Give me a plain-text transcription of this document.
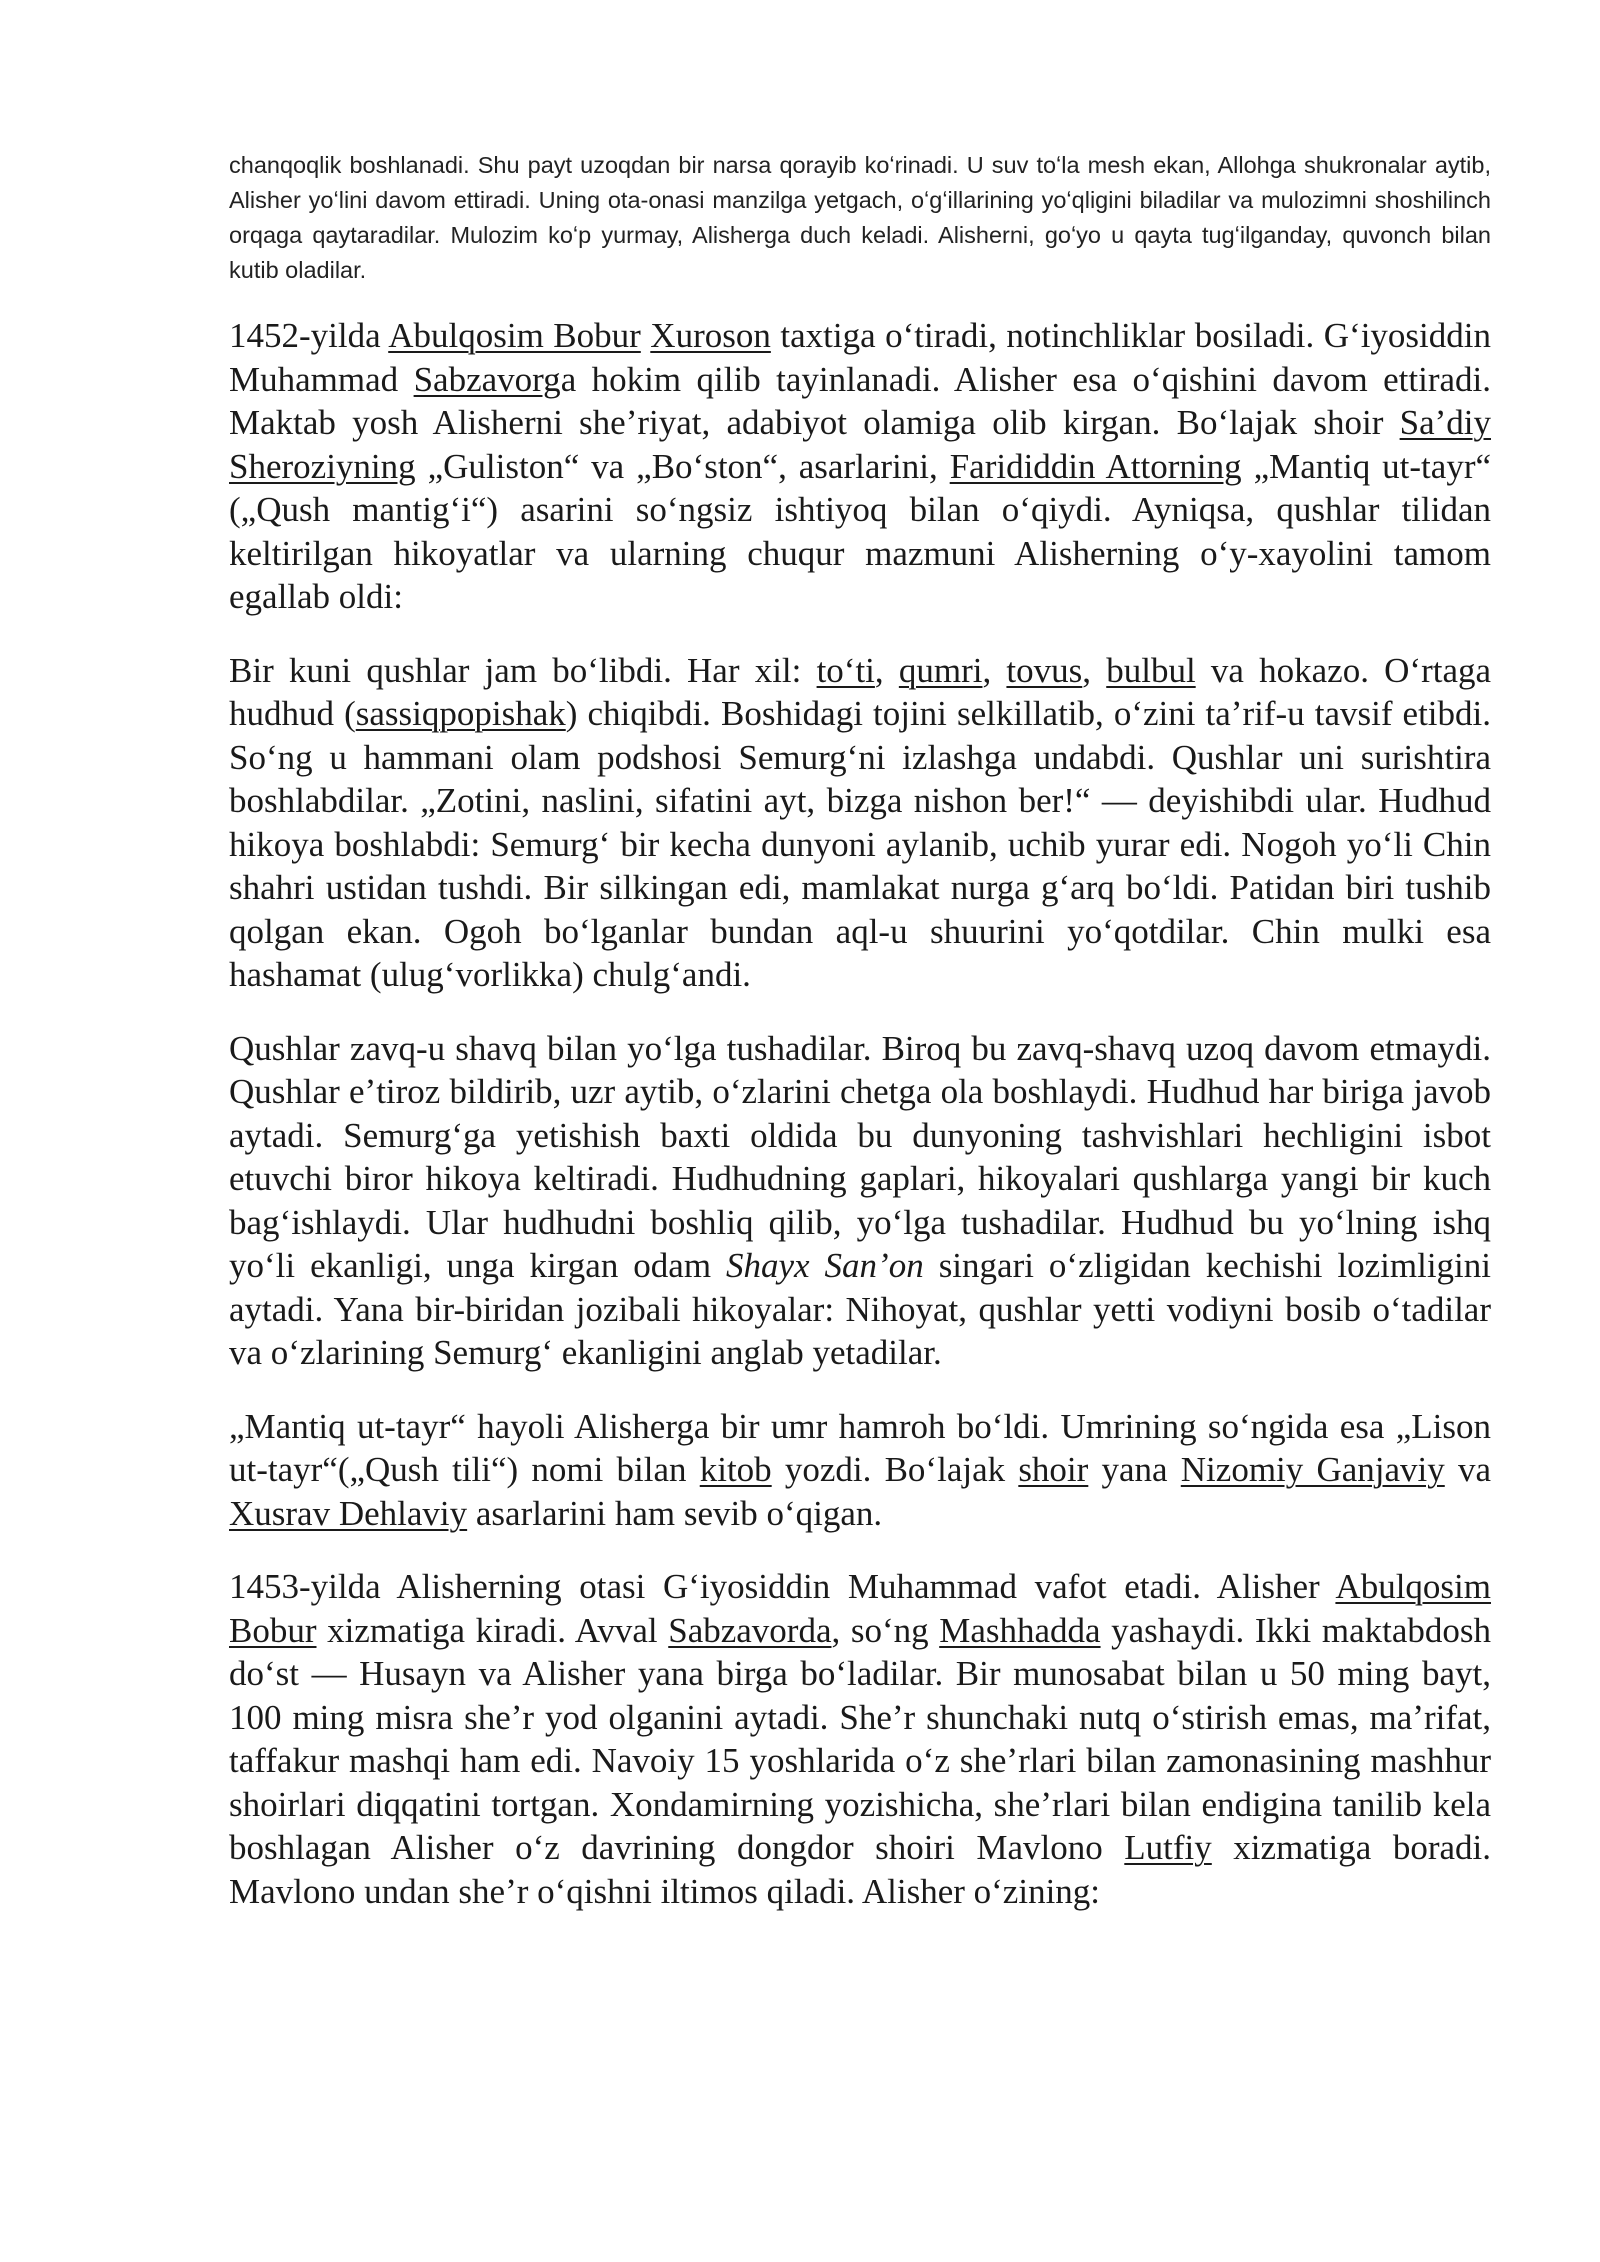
chanqoqlik boshlanadi. Shu payt uzoqdan bir narsa qorayib koʻrinadi. U suv toʻla mesh ekan, Allohga shukronalar aytib, Alisher yoʻlini davom ettiradi. Uning ota-onasi manzilga yetgach, oʻgʻillarining yoʻqligini biladilar va mulozimni shoshilinch orqaga qaytaradilar. Mulozim koʻp yurmay, Alisherga duch keladi. Alisherni, goʻyo u qayta tugʻilganday, quvonch bilan kutib oladilar.

1452-yilda Abulqosim Bobur Xuroson taxtiga oʻtiradi, notinchliklar bosiladi. Gʻiyosiddin Muhammad Sabzavorga hokim qilib tayinlanadi. Alisher esa oʻqishini davom ettiradi. Maktab yosh Alisherni sheʼriyat, adabiyot olamiga olib kirgan. Boʻlajak shoir Saʼdiy Sheroziyning „Guliston“ va „Boʻston“, asarlarini, Farididdin Attorning „Mantiq ut-tayr“ („Qush mantigʻi“) asarini soʻngsiz ishtiyoq bilan oʻqiydi. Ayniqsa, qushlar tilidan keltirilgan hikoyatlar va ularning chuqur mazmuni Alisherning oʻy-xayolini tamom egallab oldi:

Bir kuni qushlar jam boʻlibdi. Har xil: toʻti, qumri, tovus, bulbul va hokazo. Oʻrtaga hudhud (sassiqpopishak) chiqibdi. Boshidagi tojini selkillatib, oʻzini taʼrif-u tavsif etibdi. Soʻng u hammani olam podshosi Semurgʻni izlashga undabdi. Qushlar uni surishtira boshlabdilar. „Zotini, naslini, sifatini ayt, bizga nishon ber!“ — deyishibdi ular. Hudhud hikoya boshlabdi: Semurgʻ bir kecha dunyoni aylanib, uchib yurar edi. Nogoh yoʻli Chin shahri ustidan tushdi. Bir silkingan edi, mamlakat nurga gʻarq boʻldi. Patidan biri tushib qolgan ekan. Ogoh boʻlganlar bundan aql-u shuurini yoʻqotdilar. Chin mulki esa hashamat (ulugʻvorlikka) chulgʻandi.

Qushlar zavq-u shavq bilan yoʻlga tushadilar. Biroq bu zavq-shavq uzoq davom etmaydi. Qushlar eʼtiroz bildirib, uzr aytib, oʻzlarini chetga ola boshlaydi. Hudhud har biriga javob aytadi. Semurgʻga yetishish baxti oldida bu dunyoning tashvishlari hechligini isbot etuvchi biror hikoya keltiradi. Hudhudning gaplari, hikoyalari qushlarga yangi bir kuch bagʻishlaydi. Ular hudhudni boshliq qilib, yoʻlga tushadilar. Hudhud bu yoʻlning ishq yoʻli ekanligi, unga kirgan odam Shayx Sanʼon singari oʻzligidan kechishi lozimligini aytadi. Yana bir-biridan jozibali hikoyalar: Nihoyat, qushlar yetti vodiyni bosib oʻtadilar va oʻzlarining Semurgʻ ekanligini anglab yetadilar.

„Mantiq ut-tayr“ hayoli Alisherga bir umr hamroh boʻldi. Umrining soʻngida esa „Lison ut-tayr“(„Qush tili“) nomi bilan kitob yozdi. Boʻlajak shoir yana Nizomiy Ganjaviy va Xusrav Dehlaviy asarlarini ham sevib oʻqigan.

1453-yilda Alisherning otasi Gʻiyosiddin Muhammad vafot etadi. Alisher Abulqosim Bobur xizmatiga kiradi. Avval Sabzavorda, soʻng Mashhadda yashaydi. Ikki maktabdosh doʻst — Husayn va Alisher yana birga boʻladilar. Bir munosabat bilan u 50 ming bayt, 100 ming misra sheʼr yod olganini aytadi. Sheʼr shunchaki nutq oʻstirish emas, maʼrifat, taffakur mashqi ham edi. Navoiy 15 yoshlarida oʻz sheʼrlari bilan zamonasining mashhur shoirlari diqqatini tortgan. Xondamirning yozishicha, sheʼrlari bilan endigina tanilib kela boshlagan Alisher oʻz davrining dongdor shoiri Mavlono Lutfiy xizmatiga boradi. Mavlono undan sheʼr oʻqishni iltimos qiladi. Alisher oʻzining:
